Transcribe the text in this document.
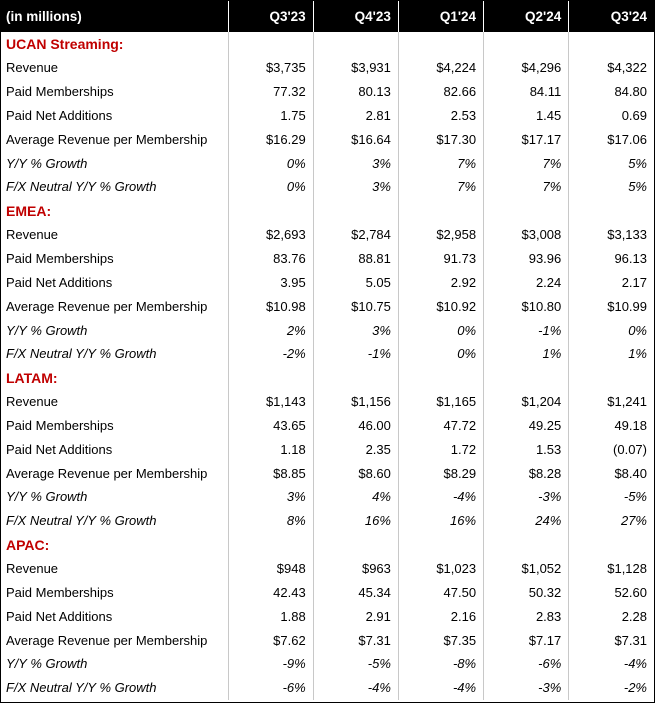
(in millions)	Q3'23	Q4'23	Q1'24	Q2'24	Q3'24
UCAN Streaming:					
Revenue	$3,735	$3,931	$4,224	$4,296	$4,322
Paid Memberships	77.32	80.13	82.66	84.11	84.80
Paid Net Additions	1.75	2.81	2.53	1.45	0.69
Average Revenue per Membership	$16.29	$16.64	$17.30	$17.17	$17.06
Y/Y % Growth	0%	3%	7%	7%	5%
F/X Neutral Y/Y % Growth	0%	3%	7%	7%	5%
EMEA:					
Revenue	$2,693	$2,784	$2,958	$3,008	$3,133
Paid Memberships	83.76	88.81	91.73	93.96	96.13
Paid Net Additions	3.95	5.05	2.92	2.24	2.17
Average Revenue per Membership	$10.98	$10.75	$10.92	$10.80	$10.99
Y/Y % Growth	2%	3%	0%	-1%	0%
F/X Neutral Y/Y % Growth	-2%	-1%	0%	1%	1%
LATAM:					
Revenue	$1,143	$1,156	$1,165	$1,204	$1,241
Paid Memberships	43.65	46.00	47.72	49.25	49.18
Paid Net Additions	1.18	2.35	1.72	1.53	(0.07)
Average Revenue per Membership	$8.85	$8.60	$8.29	$8.28	$8.40
Y/Y % Growth	3%	4%	-4%	-3%	-5%
F/X Neutral Y/Y % Growth	8%	16%	16%	24%	27%
APAC:					
Revenue	$948	$963	$1,023	$1,052	$1,128
Paid Memberships	42.43	45.34	47.50	50.32	52.60
Paid Net Additions	1.88	2.91	2.16	2.83	2.28
Average Revenue per Membership	$7.62	$7.31	$7.35	$7.17	$7.31
Y/Y % Growth	-9%	-5%	-8%	-6%	-4%
F/X Neutral Y/Y % Growth	-6%	-4%	-4%	-3%	-2%
